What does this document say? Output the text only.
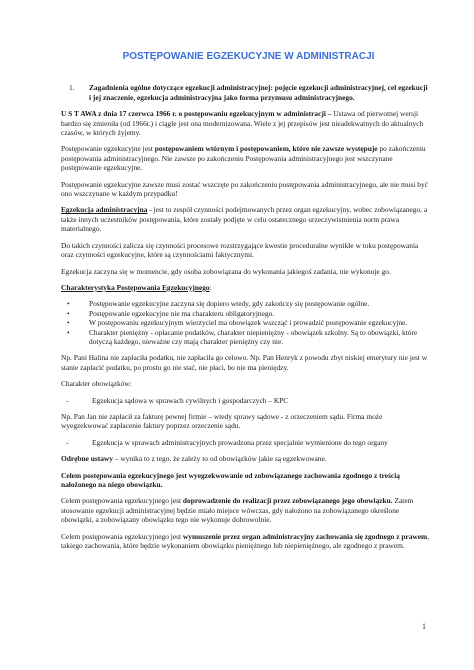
POSTĘPOWANIE EGZEKUCYJNE W ADMINISTRACJI
1.	Zagadnienia ogólne dotyczące egzekucji administracyjnej: pojęcie egzekucji administracyjnej, cel egzekucji i jej znaczenie, egzekucja administracyjna jako forma przymusu administracyjnego.

U S T AWA z dnia 17 czerwca 1966 r. o postępowaniu egzekucyjnym w administracji – Ustawa od pierwotnej wersji bardzo się zmieniła (od 1966r.) i ciągle jest ona modernizowana. Wiele z jej przepisów jest nieadekwatnych do aktualnych czasów, w których żyjemy.

Postępowanie egzekucyjne jest postępowaniem wtórnym i postępowaniem, które nie zawsze występuje po zakończeniu postępowania administracyjnego. Nie zawsze po zakończeniu Postępowania administracyjnego jest wszczynane postępowanie egzekucyjne.

Postępowanie egzekucyjne zawsze musi zostać wszczęte po zakończeniu postępowania administracyjnego, ale nie musi być ono wszczynane w każdym przypadku!

Egzekucja administracyjna - jest to zespół czynności podejmowanych przez organ egzekucyjny, wobec zobowiązanego, a także innych uczestników postępowania, które zostały podjęte w celu ostatecznego urzeczywistnienia norm prawa materialnego.

Do takich czynności zalicza się czynności procesowe rozstrzygające kwestie proceduralne wynikłe w toku postępowania oraz czynności egzekucyjne, które są czynnościami faktycznymi.

Egzekucja zaczyna się w momencie, gdy osoba zobowiązana do wykonania jakiegoś zadania, nie wykonuje go.

Charakterystyka Postępowania Egzekucyjnego:

•	Postępowanie egzekucyjne zaczyna się dopiero wtedy, gdy zakończy się postępowanie ogólne.
•	Postępowanie egzekucyjne nie ma charakteru obligatoryjnego.
•	W postępowaniu egzekucyjnym wierzyciel ma obowiązek wszcząć i prowadzić postępowanie egzekucyjne.
•	Charakter pieniężny - opłacanie podatków, charakter niepieniężny - obowiązek szkolny. Są to obowiązki, które dotyczą każdego, nieważne czy mają charakter pieniężny czy nie.

Np. Pani Halina nie zapłaciła podatku, nie zapłaciła go celowo. Np. Pan Henryk z powodu zbyt niskiej emerytury nie jest w stanie zapłacić podatku, po prostu go nie stać, nie płaci, bo nie ma pieniędzy.

Charakter obowiązków:

-	Egzekucja sądowa w sprawach cywilnych i gospodarczych – KPC

Np. Pan Jan nie zapłacił za fakturę pewnej firmie – wtedy sprawy sądowe - z orzeczeniem sądu. Firma może wyegzekwować zapłacenie faktury poprzez orzeczenie sądu.

-	Egzekucja w sprawach administracyjnych prowadzona przez specjalnie wymienione do tego organy

Odrębne ustawy – wynika to z tego, że zależy to od obowiązków jakie są egzekwowane.

Celem postępowania egzekucyjnego jest wyegzekwowanie od zobowiązanego zachowania zgodnego z treścią nałożonego na niego obowiązku.

Celem postępowania egzekucyjnego jest doprowadzenie do realizacji przez zobowiązanego jego obowiązku. Zatem stosowanie egzekucji administracyjnej będzie miało miejsce wówczas, gdy nałożono na zobowiązanego określone obowiązki, a zobowiązany obowiązku tego nie wykonuje dobrowolnie.

Celem postępowania egzekucyjnego jest wymuszenie przez organ administracyjny zachowania się zgodnego z prawem, takiego zachowania, które będzie wykonaniem obowiązku pieniężnego lub niepieniężnego, ale zgodnego z prawem.

1
